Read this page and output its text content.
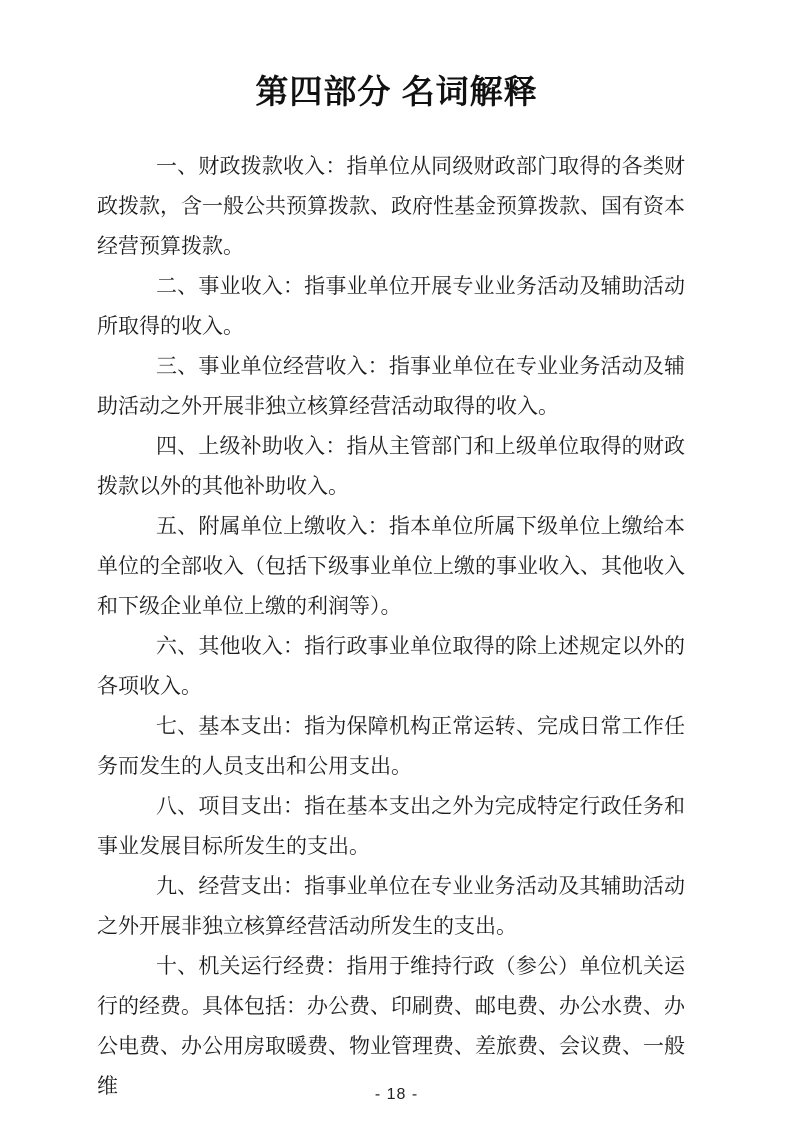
第四部分 名词解释

一、财政拨款收入：指单位从同级财政部门取得的各类财政拨款，含一般公共预算拨款、政府性基金预算拨款、国有资本经营预算拨款。

二、事业收入：指事业单位开展专业业务活动及辅助活动所取得的收入。

三、事业单位经营收入：指事业单位在专业业务活动及辅助活动之外开展非独立核算经营活动取得的收入。

四、上级补助收入：指从主管部门和上级单位取得的财政拨款以外的其他补助收入。

五、附属单位上缴收入：指本单位所属下级单位上缴给本单位的全部收入（包括下级事业单位上缴的事业收入、其他收入和下级企业单位上缴的利润等）。

六、其他收入：指行政事业单位取得的除上述规定以外的各项收入。

七、基本支出：指为保障机构正常运转、完成日常工作任务而发生的人员支出和公用支出。

八、项目支出：指在基本支出之外为完成特定行政任务和事业发展目标所发生的支出。

九、经营支出：指事业单位在专业业务活动及其辅助活动之外开展非独立核算经营活动所发生的支出。

十、机关运行经费：指用于维持行政（参公）单位机关运行的经费。具体包括：办公费、印刷费、邮电费、办公水费、办公电费、办公用房取暖费、物业管理费、差旅费、会议费、一般维	- 18 -
